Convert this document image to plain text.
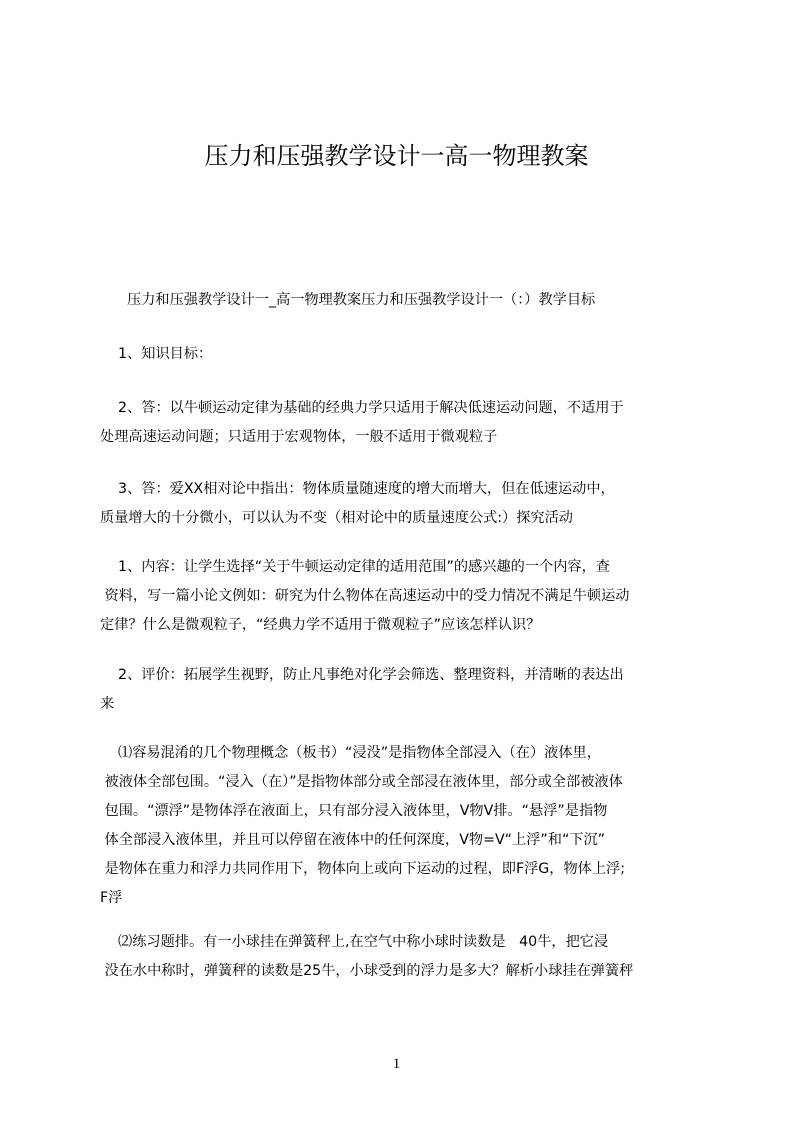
压力和压强教学设计一高一物理教案

压力和压强教学设计一_高一物理教案压力和压强教学设计一（：）教学目标

1、知识目标：

2、答：以牛顿运动定律为基础的经典力学只适用于解决低速运动问题，不适用于
处理高速运动问题；只适用于宏观物体，一般不适用于微观粒子

3、答：爱XX相对论中指出：物体质量随速度的增大而增大，但在低速运动中，
质量增大的十分微小，可以认为不变（相对论中的质量速度公式:）探究活动

1、内容：让学生选择“关于牛顿运动定律的适用范围”的感兴趣的一个内容，查
资料，写一篇小论文例如：研究为什么物体在高速运动中的受力情况不满足牛顿运动
定律？什么是微观粒子，“经典力学不适用于微观粒子”应该怎样认识？

2、评价：拓展学生视野，防止凡事绝对化学会筛选、整理资料，并清晰的表达出
来

⑴容易混淆的几个物理概念（板书）“浸没”是指物体全部浸入（在）液体里，
被液体全部包围。“浸入（在）”是指物体部分或全部浸在液体里，部分或全部被液体
包围。“漂浮”是物体浮在液面上，只有部分浸入液体里，V物V排。“悬浮”是指物
体全部浸入液体里，并且可以停留在液体中的任何深度，V物=V“上浮”和“下沉”
是物体在重力和浮力共同作用下，物体向上或向下运动的过程，即F浮G，物体上浮;
F浮

⑵练习题排。有一小球挂在弹簧秤上,在空气中称小球时读数是   40牛，把它浸
没在水中称时，弹簧秤的读数是25牛，小球受到的浮力是多大？解析小球挂在弹簧秤

1
